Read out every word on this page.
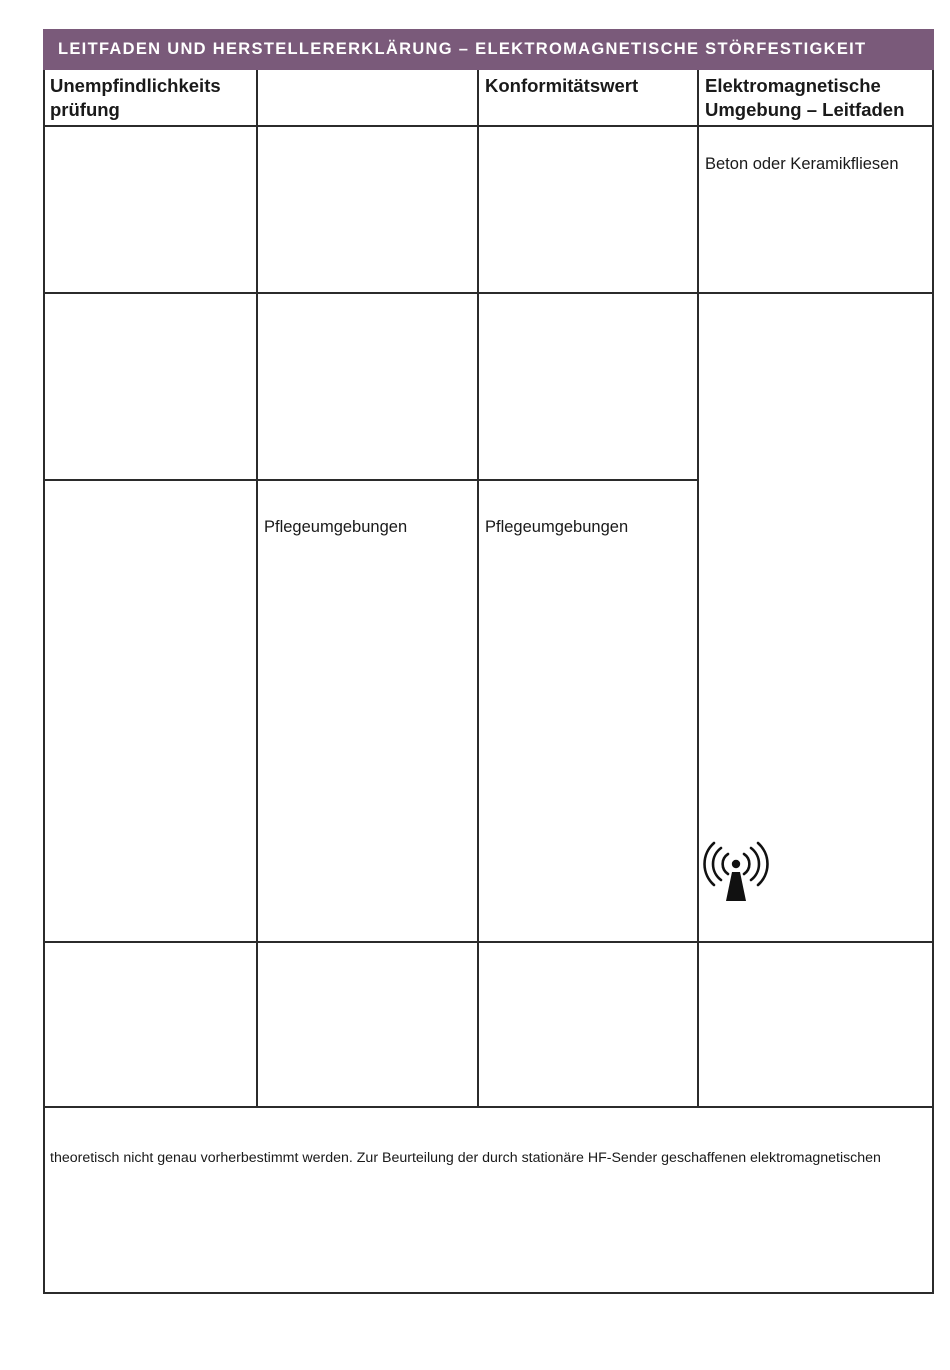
LEITFADEN UND HERSTELLERERKLÄRUNG – ELEKTROMAGNETISCHE STÖRFESTIGKEIT
Unempfindlichkeits prüfung
Konformitätswert	Elektromagnetische Umgebung – Leitfaden
Beton oder Keramikfliesen
Pflegeumgebungen	Pflegeumgebungen
theoretisch nicht genau vorherbestimmt werden. Zur Beurteilung der durch stationäre HF-Sender geschaffenen elektromagnetischen
